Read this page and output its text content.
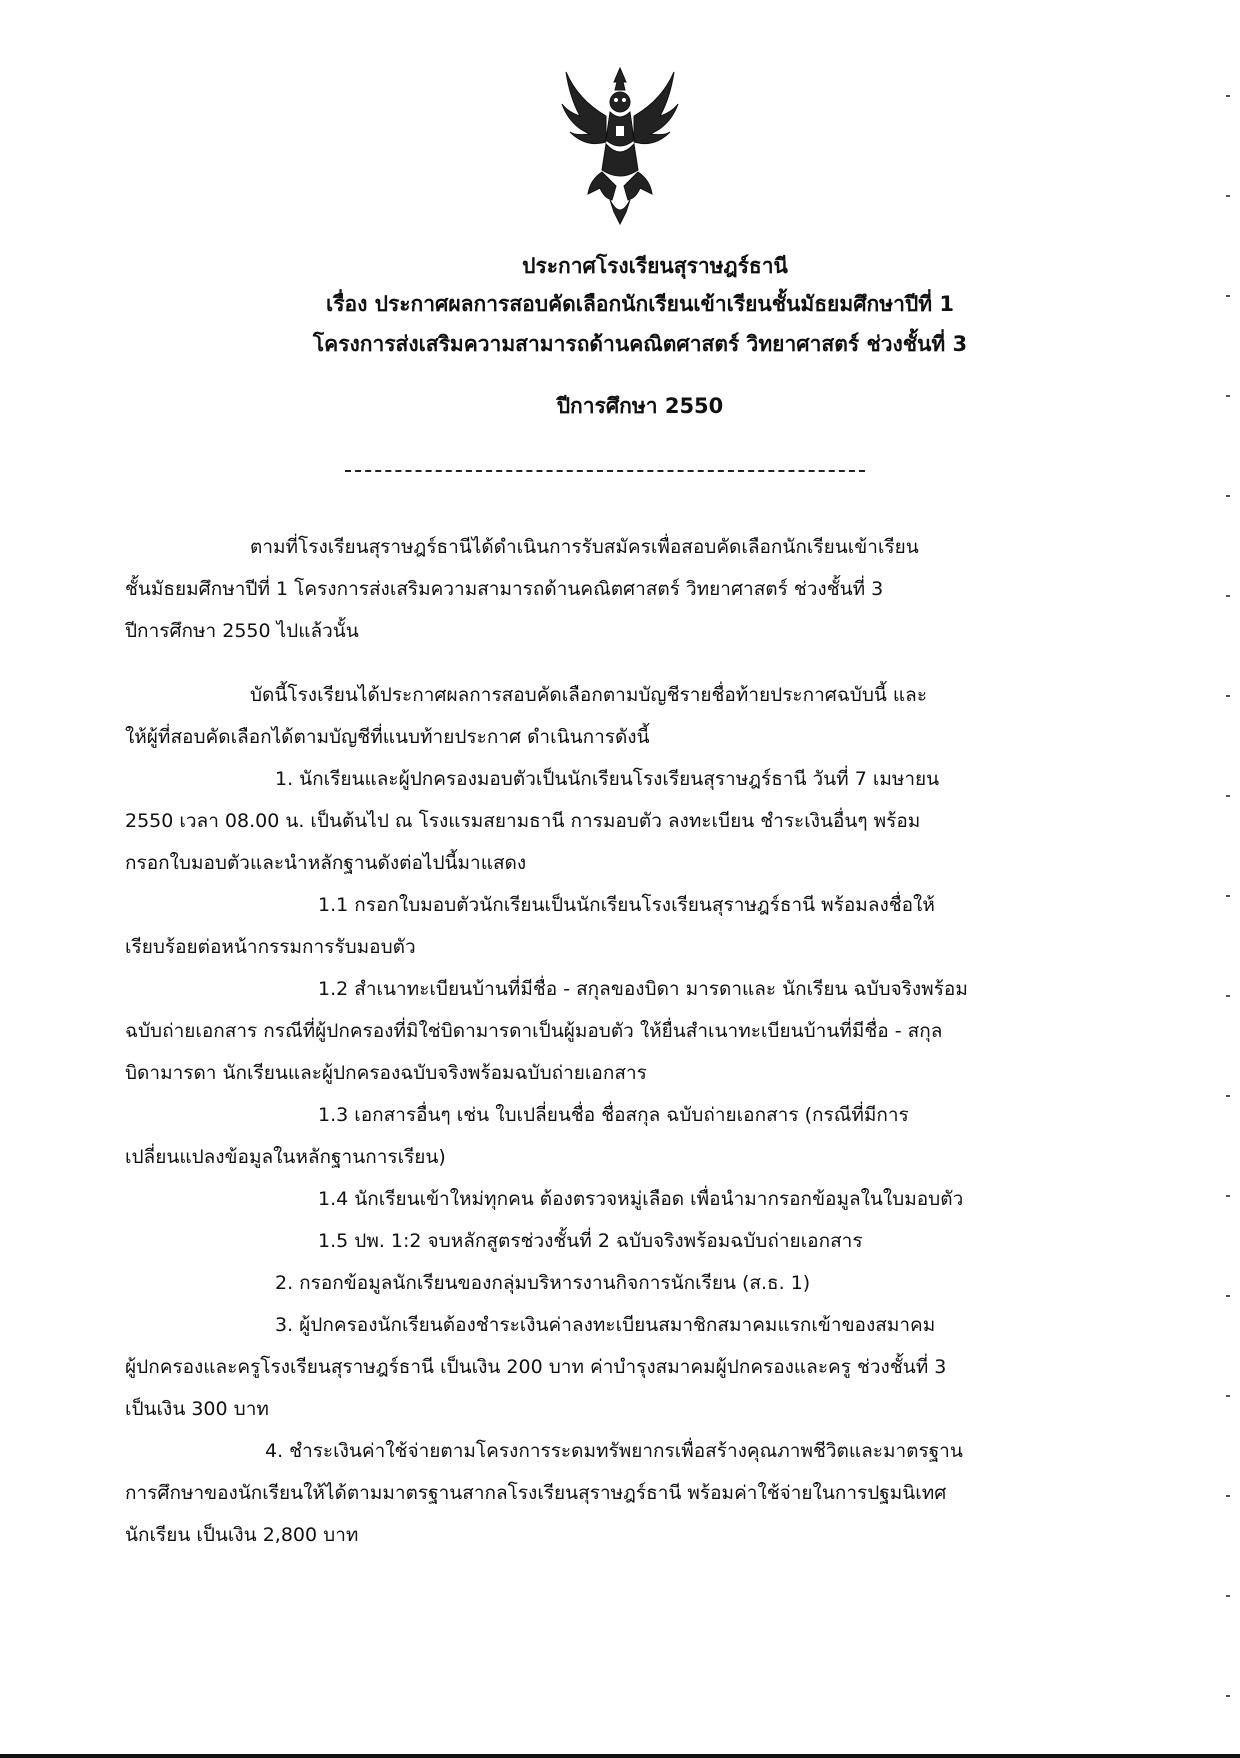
ประกาศโรงเรียนสุราษฎร์ธานี
เรื่อง ประกาศผลการสอบคัดเลือกนักเรียนเข้าเรียนชั้นมัธยมศึกษาปีที่ 1
โครงการส่งเสริมความสามารถด้านคณิตศาสตร์ วิทยาศาสตร์ ช่วงชั้นที่ 3
ปีการศึกษา 2550
ตามที่โรงเรียนสุราษฎร์ธานีได้ดำเนินการรับสมัครเพื่อสอบคัดเลือกนักเรียนเข้าเรียน
ชั้นมัธยมศึกษาปีที่ 1 โครงการส่งเสริมความสามารถด้านคณิตศาสตร์ วิทยาศาสตร์ ช่วงชั้นที่ 3
ปีการศึกษา 2550 ไปแล้วนั้น
บัดนี้โรงเรียนได้ประกาศผลการสอบคัดเลือกตามบัญชีรายชื่อท้ายประกาศฉบับนี้ และ
ให้ผู้ที่สอบคัดเลือกได้ตามบัญชีที่แนบท้ายประกาศ ดำเนินการดังนี้
1. นักเรียนและผู้ปกครองมอบตัวเป็นนักเรียนโรงเรียนสุราษฎร์ธานี วันที่ 7 เมษายน
2550 เวลา 08.00 น. เป็นต้นไป ณ โรงแรมสยามธานี การมอบตัว ลงทะเบียน ชำระเงินอื่นๆ พร้อม
กรอกใบมอบตัวและนำหลักฐานดังต่อไปนี้มาแสดง
1.1 กรอกใบมอบตัวนักเรียนเป็นนักเรียนโรงเรียนสุราษฎร์ธานี พร้อมลงชื่อให้
เรียบร้อยต่อหน้ากรรมการรับมอบตัว
1.2 สำเนาทะเบียนบ้านที่มีชื่อ - สกุลของบิดา มารดาและ นักเรียน ฉบับจริงพร้อม
ฉบับถ่ายเอกสาร กรณีที่ผู้ปกครองที่มิใช่บิดามารดาเป็นผู้มอบตัว ให้ยื่นสำเนาทะเบียนบ้านที่มีชื่อ - สกุล
บิดามารดา นักเรียนและผู้ปกครองฉบับจริงพร้อมฉบับถ่ายเอกสาร
1.3 เอกสารอื่นๆ เช่น ใบเปลี่ยนชื่อ ชื่อสกุล ฉบับถ่ายเอกสาร (กรณีที่มีการ
เปลี่ยนแปลงข้อมูลในหลักฐานการเรียน)
1.4 นักเรียนเข้าใหม่ทุกคน ต้องตรวจหมู่เลือด เพื่อนำมากรอกข้อมูลในใบมอบตัว
1.5 ปพ. 1:2 จบหลักสูตรช่วงชั้นที่ 2 ฉบับจริงพร้อมฉบับถ่ายเอกสาร
2. กรอกข้อมูลนักเรียนของกลุ่มบริหารงานกิจการนักเรียน (ส.ธ. 1)
3. ผู้ปกครองนักเรียนต้องชำระเงินค่าลงทะเบียนสมาชิกสมาคมแรกเข้าของสมาคม
ผู้ปกครองและครูโรงเรียนสุราษฎร์ธานี เป็นเงิน 200 บาท ค่าบำรุงสมาคมผู้ปกครองและครู ช่วงชั้นที่ 3
เป็นเงิน 300 บาท
4. ชำระเงินค่าใช้จ่ายตามโครงการระดมทรัพยากรเพื่อสร้างคุณภาพชีวิตและมาตรฐาน
การศึกษาของนักเรียนให้ได้ตามมาตรฐานสากลโรงเรียนสุราษฎร์ธานี พร้อมค่าใช้จ่ายในการปฐมนิเทศ
นักเรียน เป็นเงิน 2,800 บาท
